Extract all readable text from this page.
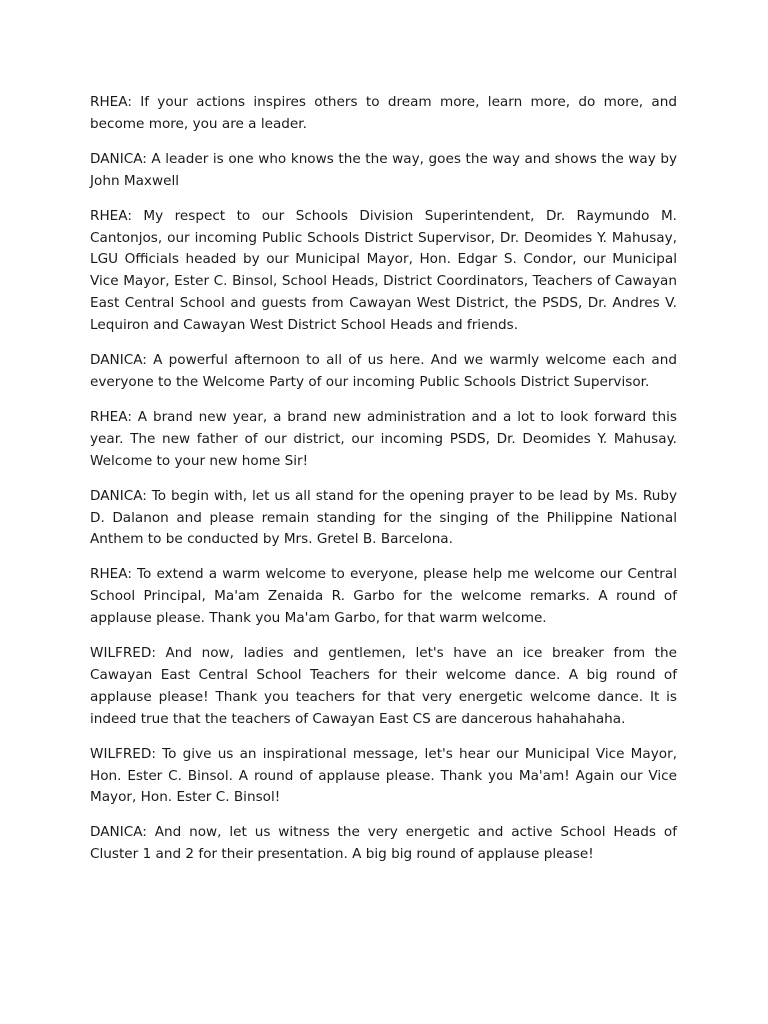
RHEA: If your actions inspires others to dream more, learn more, do more, and become more, you are a leader.

DANICA: A leader is one who knows the the way, goes the way and shows the way by John Maxwell

RHEA: My respect to our Schools Division Superintendent, Dr. Raymundo M. Cantonjos, our incoming Public Schools District Supervisor, Dr. Deomides Y. Mahusay, LGU Officials headed by our Municipal Mayor, Hon. Edgar S. Condor, our Municipal Vice Mayor, Ester C. Binsol, School Heads, District Coordinators, Teachers of Cawayan East Central School and guests from Cawayan West District, the PSDS, Dr. Andres V. Lequiron and Cawayan West District School Heads and friends.

DANICA: A powerful afternoon to all of us here. And we warmly welcome each and everyone to the Welcome Party of our incoming Public Schools District Supervisor.

RHEA: A brand new year, a brand new administration and a lot to look forward this year. The new father of our district, our incoming PSDS, Dr. Deomides Y. Mahusay. Welcome to your new home Sir!

DANICA: To begin with, let us all stand for the opening prayer to be lead by Ms. Ruby D. Dalanon and please remain standing for the singing of the Philippine National Anthem to be conducted by Mrs. Gretel B. Barcelona.

RHEA: To extend a warm welcome to everyone, please help me welcome our Central School Principal, Ma'am Zenaida R. Garbo for the welcome remarks. A round of applause please. Thank you Ma'am Garbo, for that warm welcome.

WILFRED: And now, ladies and gentlemen, let's have an ice breaker from the Cawayan East Central School Teachers for their welcome dance. A big round of applause please! Thank you teachers for that very energetic welcome dance. It is indeed true that the teachers of Cawayan East CS are dancerous hahahahaha.

WILFRED: To give us an inspirational message, let's hear our Municipal Vice Mayor, Hon. Ester C. Binsol. A round of applause please. Thank you Ma'am! Again our Vice Mayor, Hon. Ester C. Binsol!

DANICA: And now, let us witness the very energetic and active School Heads of Cluster 1 and 2 for their presentation. A big big round of applause please!
